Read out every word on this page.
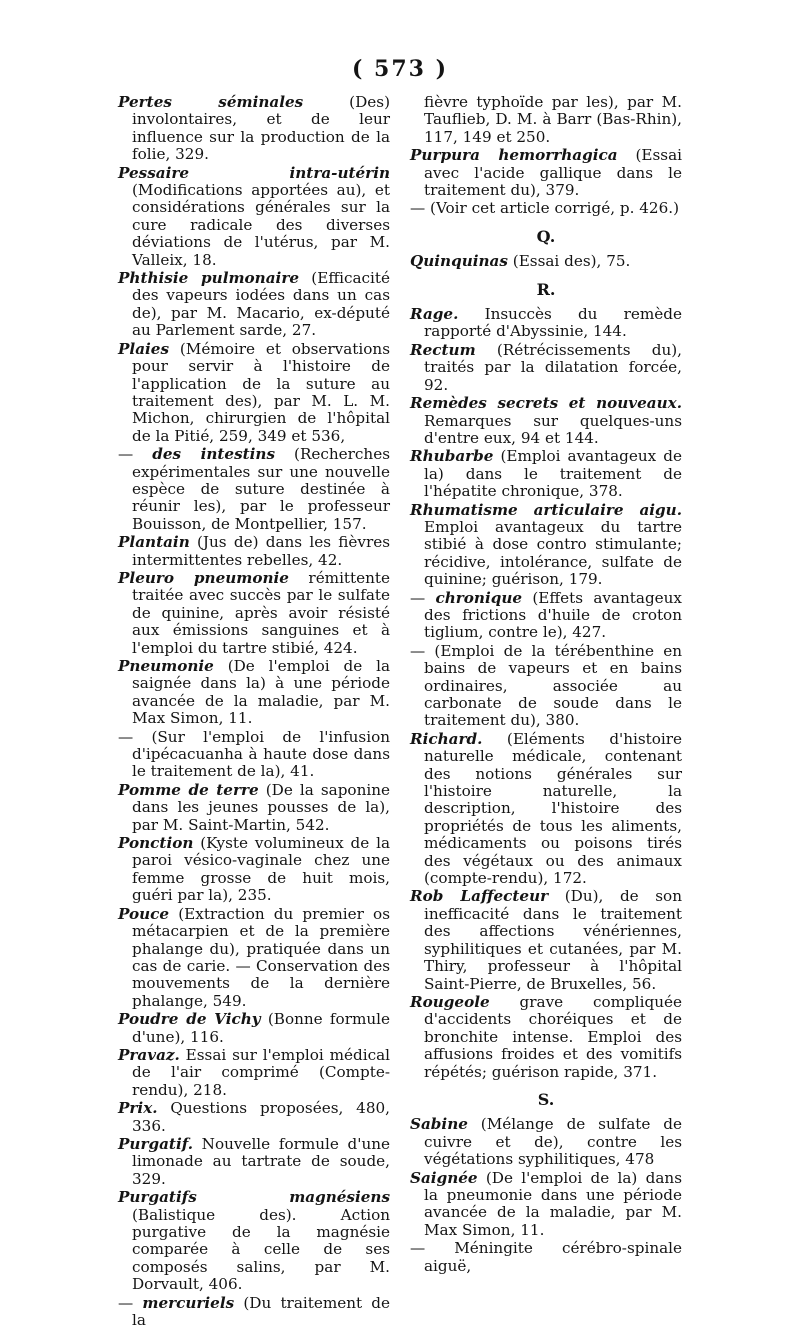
( 573 )

Pertes séminales (Des) involontaires, et de leur influence sur la production de la folie, 329.

Pessaire intra-utérin (Modifications apportées au), et considérations générales sur la cure radicale des diverses déviations de l'utérus, par M. Valleix, 18.

Phthisie pulmonaire (Efficacité des vapeurs iodées dans un cas de), par M. Macario, ex-député au Parlement sarde, 27.

Plaies (Mémoire et observations pour servir à l'histoire de l'application de la suture au traitement des), par M. L. M. Michon, chirurgien de l'hôpital de la Pitié, 259, 349 et 536,

— des intestins (Recherches expérimentales sur une nouvelle espèce de suture destinée à réunir les), par le professeur Bouisson, de Montpellier, 157.

Plantain (Jus de) dans les fièvres intermittentes rebelles, 42.

Pleuro pneumonie rémittente traitée avec succès par le sulfate de quinine, après avoir résisté aux émissions sanguines et à l'emploi du tartre stibié, 424.

Pneumonie (De l'emploi de la saignée dans la) à une période avancée de la maladie, par M. Max Simon, 11.

— (Sur l'emploi de l'infusion d'ipécacuanha à haute dose dans le traitement de la), 41.

Pomme de terre (De la saponine dans les jeunes pousses de la), par M. Saint-Martin, 542.

Ponction (Kyste volumineux de la paroi vésico-vaginale chez une femme grosse de huit mois, guéri par la), 235.

Pouce (Extraction du premier os métacarpien et de la première phalange du), pratiquée dans un cas de carie. — Conservation des mouvements de la dernière phalange, 549.

Poudre de Vichy (Bonne formule d'une), 116.

Pravaz. Essai sur l'emploi médical de l'air comprimé (Compte-rendu), 218.

Prix. Questions proposées, 480, 336.

Purgatif. Nouvelle formule d'une limonade au tartrate de soude, 329.

Purgatifs magnésiens (Balistique des). Action purgative de la magnésie comparée à celle de ses composés salins, par M. Dorvault, 406.

— mercuriels (Du traitement de la

fièvre typhoïde par les), par M. Tauflieb, D. M. à Barr (Bas-Rhin), 117, 149 et 250.

Purpura hemorrhagica (Essai avec l'acide gallique dans le traitement du), 379.

— (Voir cet article corrigé, p. 426.)

Q.

Quinquinas (Essai des), 75.

R.

Rage. Insuccès du remède rapporté d'Abyssinie, 144.

Rectum (Rétrécissements du), traités par la dilatation forcée, 92.

Remèdes secrets et nouveaux. Remarques sur quelques-uns d'entre eux, 94 et 144.

Rhubarbe (Emploi avantageux de la) dans le traitement de l'hépatite chronique, 378.

Rhumatisme articulaire aigu. Emploi avantageux du tartre stibié à dose contro stimulante; récidive, intolérance, sulfate de quinine; guérison, 179.

— chronique (Effets avantageux des frictions d'huile de croton tiglium, contre le), 427.

— (Emploi de la térébenthine en bains de vapeurs et en bains ordinaires, associée au carbonate de soude dans le traitement du), 380.

Richard. (Eléments d'histoire naturelle médicale, contenant des notions générales sur l'histoire naturelle, la description, l'histoire des propriétés de tous les aliments, médicaments ou poisons tirés des végétaux ou des animaux (compte-rendu), 172.

Rob Laffecteur (Du), de son inefficacité dans le traitement des affections vénériennes, syphilitiques et cutanées, par M. Thiry, professeur à l'hôpital Saint-Pierre, de Bruxelles, 56.

Rougeole grave compliquée d'accidents choréiques et de bronchite intense. Emploi des affusions froides et des vomitifs répétés; guérison rapide, 371.

S.

Sabine (Mélange de sulfate de cuivre et de), contre les végétations syphilitiques, 478

Saignée (De l'emploi de la) dans la pneumonie dans une période avancée de la maladie, par M. Max Simon, 11.

— Méningite cérébro-spinale aiguë,
